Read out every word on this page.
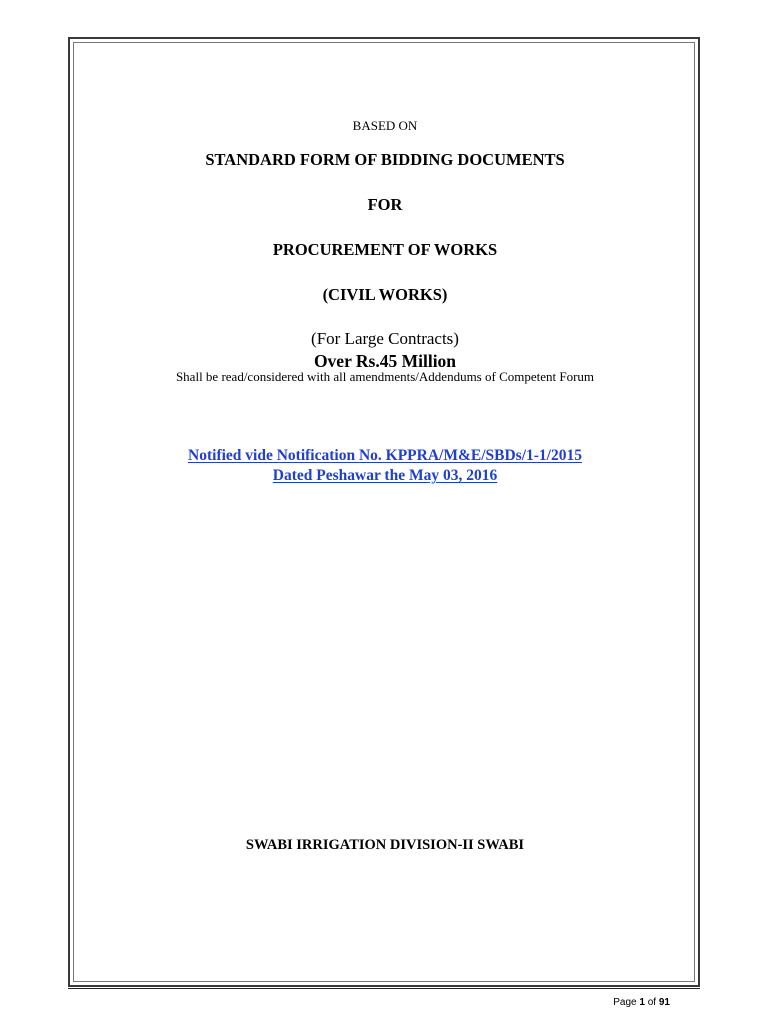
BASED ON
STANDARD FORM OF BIDDING DOCUMENTS
FOR
PROCUREMENT OF WORKS
(CIVIL WORKS)
(For Large Contracts)
Over Rs.45 Million
Shall be read/considered with all amendments/Addendums of Competent Forum
Notified vide Notification No. KPPRA/M&E/SBDs/1-1/2015
Dated Peshawar the May 03, 2016
SWABI IRRIGATION DIVISION-II SWABI
Page 1 of 91
